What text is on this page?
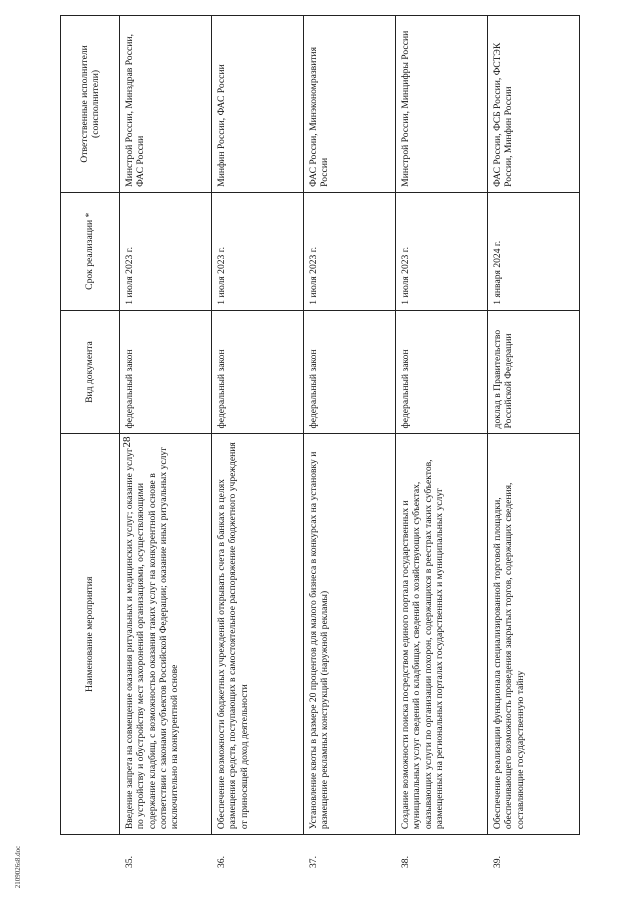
28
2109026s8.doc
	Наименование мероприятия	Вид документа	Срок реализации *	Ответственные исполнители (соисполнители)
35.	Введение запрета на совмещение оказания ритуальных и медицинских услуг; оказание услуг по устройству и обустройству мест захоронений организациями, осуществляющими содержание кладбищ, с возможностью оказания таких услуг на конкурентной основе в соответствии с законами субъектов Российской Федерации; оказание иных ритуальных услуг исключительно на конкурентной основе	федеральный закон	1 июля 2023 г.	Минстрой России, Минздрав России, ФАС России
36.	Обеспечение возможности бюджетных учреждений открывать счета в банках в целях размещения средств, поступающих в самостоятельное распоряжение бюджетного учреждения от приносящей доход деятельности	федеральный закон	1 июля 2023 г.	Минфин России, ФАС России
37.	Установление квоты в размере 20 процентов для малого бизнеса в конкурсах на установку и размещение рекламных конструкций (наружной рекламы)	федеральный закон	1 июля 2023 г.	ФАС России, Минэкономразвития России
38.	Создание возможности поиска посредством единого портала государственных и муниципальных услуг сведений о кладбищах, сведений о хозяйствующих субъектах, оказывающих услуги по организации похорон, содержащихся в реестрах таких субъектов, размещенных на региональных порталах государственных и муниципальных услуг	федеральный закон	1 июля 2023 г.	Минстрой России, Минцифры России
39.	Обеспечение реализации функционала специализированной торговой площадки, обеспечивающего возможность проведения закрытых торгов, содержащих сведения, составляющие государственную тайну	доклад в Правительство Российской Федерации	1 января 2024 г.	ФАС России, ФСБ России, ФСТЭК России, Минфин России
